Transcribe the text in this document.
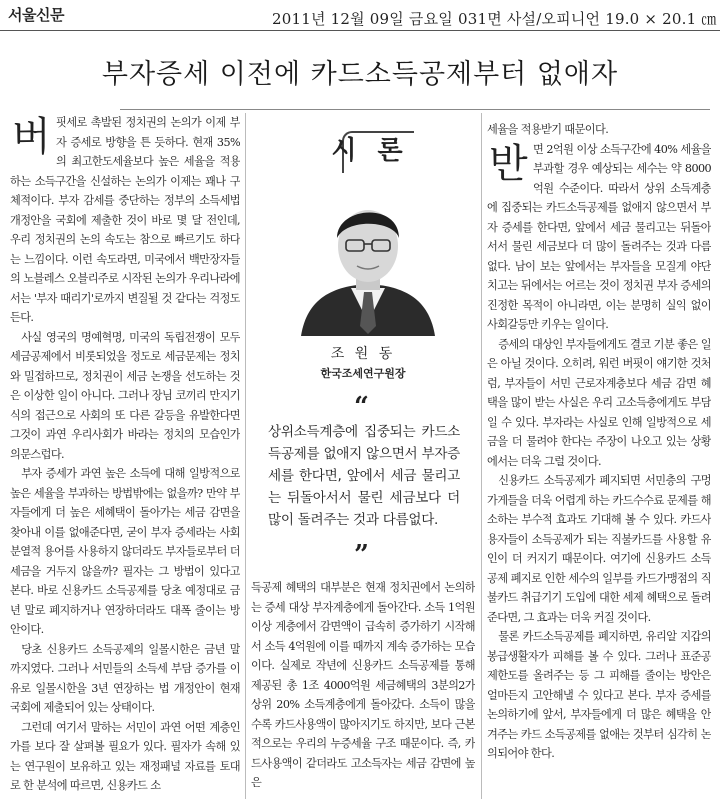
서울신문	2011년 12월 09일 금요일 031면 사설/오피니언 19.0 × 20.1 ㎝
부자증세 이전에 카드소득공제부터 없애자
버 핏세로 촉발된 정치권의 논의가 이제 부자 증세로 방향을 튼 듯하다. 현재 35%의 최고한도세율보다 높은 세율을 적용하는 소득구간을 신설하는 논의가 이제는 꽤나 구체적이다. 부자 감세를 중단하는 정부의 소득세법 개정안을 국회에 제출한 것이 바로 몇 달 전인데, 우리 정치권의 논의 속도는 참으로 빠르기도 하다는 느낌이다. 이런 속도라면, 미국에서 백만장자들의 노블레스 오블리주로 시작된 논의가 우리나라에서는 '부자 때리기'로까지 변질될 것 같다는 걱정도 든다.

사실 영국의 명예혁명, 미국의 독립전쟁이 모두 세금공제에서 비롯되었을 정도로 세금문제는 정치와 밀접하므로, 정치권이 세금 논쟁을 선도하는 것은 이상한 일이 아니다. 그러나 장님 코끼리 만지기 식의 접근으로 사회의 또 다른 갈등을 유발한다면 그것이 과연 우리사회가 바라는 정치의 모습인가 의문스럽다.

부자 증세가 과연 높은 소득에 대해 일방적으로 높은 세율을 부과하는 방법밖에는 없을까? 만약 부자들에게 더 높은 세혜택이 돌아가는 세금 감면을 찾아내 이를 없애준다면, 굳이 부자 증세라는 사회 분열적 용어를 사용하지 않더라도 부자들로부터 더 세금을 거두지 않을까? 필자는 그 방법이 있다고 본다. 바로 신용카드 소득공제를 당초 예정대로 금년 말로 폐지하거나 연장하더라도 대폭 줄이는 방안이다.

당초 신용카드 소득공제의 일몰시한은 금년 말까지였다. 그러나 서민들의 소득세 부담 증가를 이유로 일몰시한을 3년 연장하는 법 개정안이 현재 국회에 제출되어 있는 상태이다.

그런데 여기서 말하는 서민이 과연 어떤 계층인가를 보다 잘 살펴볼 필요가 있다. 필자가 속해 있는 연구원이 보유하고 있는 재정패널 자료를 토대로 한 분석에 따르면, 신용카드 소

시 론
조 원 동
한국조세연구원장
“
상위소득계층에 집중되는 카드소득공제를 없애지 않으면서 부자증세를 한다면, 앞에서 세금 물리고는 뒤돌아서서 물린 세금보다 더 많이 돌려주는 것과 다름없다.
”

득공제 혜택의 대부분은 현재 정치권에서 논의하는 증세 대상 부자계층에게 돌아간다. 소득 1억원 이상 계층에서 감면액이 급속히 증가하기 시작해서 소득 4억원에 이를 때까지 계속 증가하는 모습이다. 실제로 작년에 신용카드 소득공제를 통해 제공된 총 1조 4000억원 세금혜택의 3분의2가 상위 20% 소득계층에게 돌아갔다. 소득이 많을수록 카드사용액이 많아지기도 하지만, 보다 근본적으로는 우리의 누증세율 구조 때문이다. 즉, 카드사용액이 같더라도 고소득자는 세금 감면에 높은

세율을 적용받기 때문이다.

반 면 2억원 이상 소득구간에 40% 세율을 부과할 경우 예상되는 세수는 약 8000억원 수준이다. 따라서 상위 소득계층에 집중되는 카드소득공제를 없애지 않으면서 부자 증세를 한다면, 앞에서 세금 물리고는 뒤돌아서서 물린 세금보다 더 많이 돌려주는 것과 다름없다. 남이 보는 앞에서는 부자들을 모질게 야단치고는 뒤에서는 어르는 것이 정치권 부자 증세의 진정한 목적이 아니라면, 이는 분명히 실익 없이 사회갈등만 키우는 일이다.

증세의 대상인 부자들에게도 결코 기분 좋은 일은 아닐 것이다. 오히려, 워런 버핏이 얘기한 것처럼, 부자들이 서민 근로자계층보다 세금 감면 혜택을 많이 받는 사실은 우리 고소득층에게도 부담일 수 있다. 부자라는 사실로 인해 일방적으로 세금을 더 물려야 한다는 주장이 나오고 있는 상황에서는 더욱 그럴 것이다.

신용카드 소득공제가 폐지되면 서민층의 구멍가게들을 더욱 어렵게 하는 카드수수료 문제를 해소하는 부수적 효과도 기대해 볼 수 있다. 카드사용자들이 소득공제가 되는 직불카드를 사용할 유인이 더 커지기 때문이다. 여기에 신용카드 소득공제 폐지로 인한 세수의 일부를 카드가맹점의 직불카드 취급기기 도입에 대한 세제 혜택으로 돌려준다면, 그 효과는 더욱 커질 것이다.

물론 카드소득공제를 폐지하면, 유리알 지갑의 봉급생활자가 피해를 볼 수 있다. 그러나 표준공제한도를 올려주는 등 그 피해를 줄이는 방안은 얼마든지 고안해낼 수 있다고 본다. 부자 증세를 논의하기에 앞서, 부자들에게 더 많은 혜택을 안겨주는 카드 소득공제를 없애는 것부터 심각히 논의되어야 한다.
